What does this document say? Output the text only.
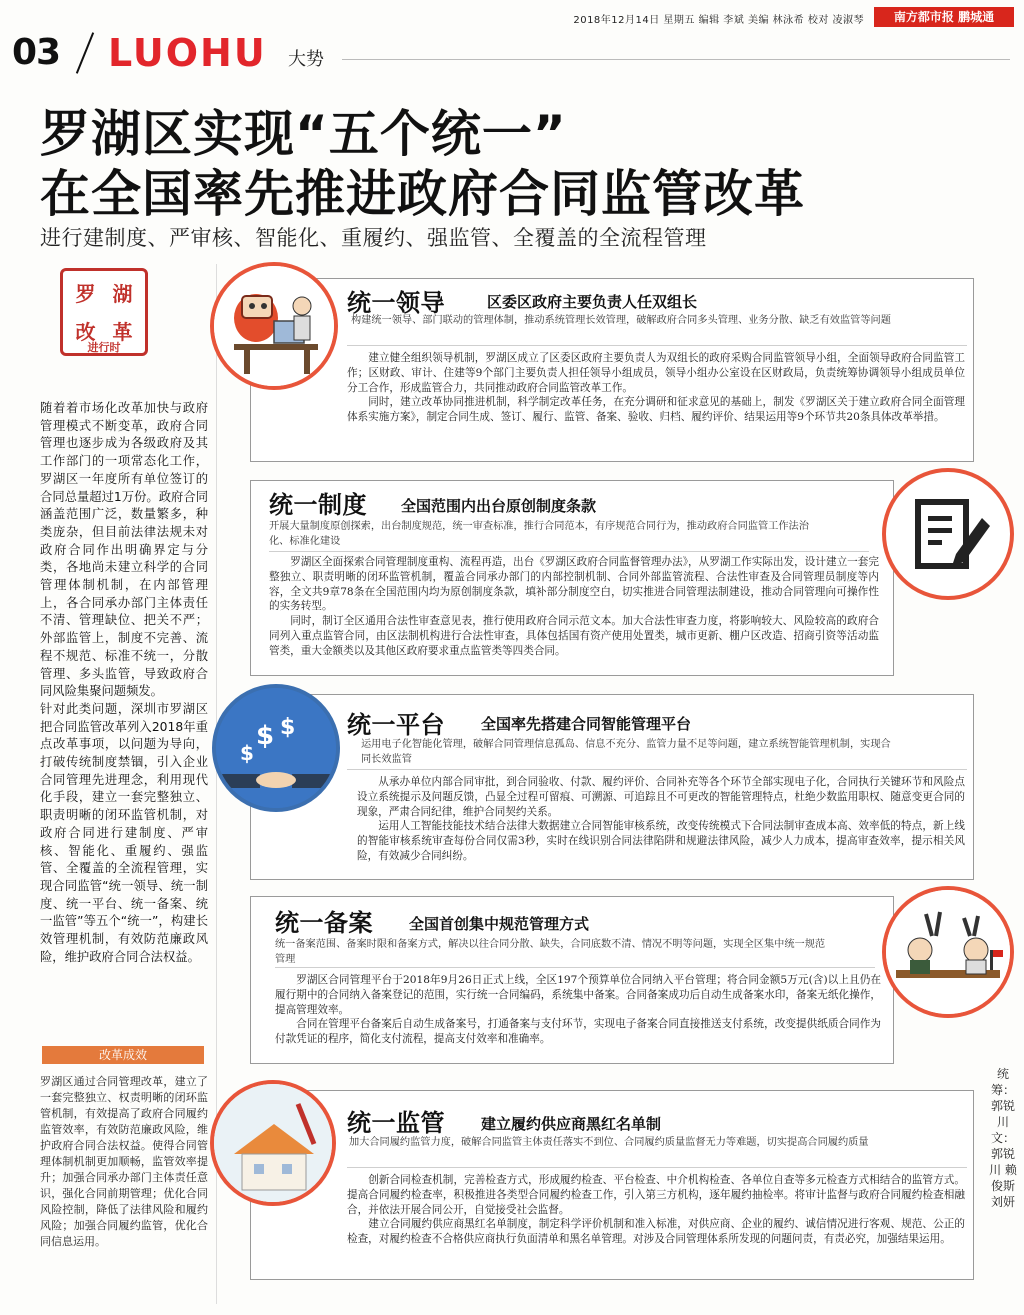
2018年12月14日 星期五 编辑 李斌 美编 林泳希 校对 凌淑琴	南方都市报 鹏城通
03 LUOHU 大势
罗湖区实现“五个统一”
在全国率先推进政府合同监管改革
进行建制度、严审核、智能化、重履约、强监管、全覆盖的全流程管理
罗 湖
改 革
进行时

随着着市场化改革加快与政府管理模式不断变革，政府合同管理也逐步成为各级政府及其工作部门的一项常态化工作，罗湖区一年度所有单位签订的合同总量超过1万份。政府合同涵盖范围广泛，数量繁多，种类庞杂，但目前法律法规未对政府合同作出明确界定与分类，各地尚未建立科学的合同管理体制机制，在内部管理上，各合同承办部门主体责任不清、管理缺位、把关不严；外部监管上，制度不完善、流程不规范、标准不统一，分散管理、多头监管，导致政府合同风险集聚问题频发。

针对此类问题，深圳市罗湖区把合同监管改革列入2018年重点改革事项，以问题为导向，打破传统制度禁锢，引入企业合同管理先进理念，利用现代化手段，建立一套完整独立、职责明晰的闭环监管机制，对政府合同进行建制度、严审核、智能化、重履约、强监管、全覆盖的全流程管理，实现合同监管“统一领导、统一制度、统一平台、统一备案、统一监管”等五个“统一”，构建长效管理机制，有效防范廉政风险，维护政府合同合法权益。

改革成效
罗湖区通过合同管理改革，建立了一套完整独立、权责明晰的闭环监管机制，有效提高了政府合同履约监管效率，有效防范廉政风险，维护政府合同合法权益。使得合同管理体制机制更加顺畅，监管效率提升；加强合同承办部门主体责任意识，强化合同前期管理；优化合同风险控制，降低了法律风险和履约风险；加强合同履约监管，优化合同信息运用。
统一领导	区委区政府主要负责人任双组长
构建统一领导、部门联动的管理体制，推动系统管理长效管理，破解政府合同多头管理、业务分散、缺乏有效监管等问题

建立健全组织领导机制，罗湖区成立了区委区政府主要负责人为双组长的政府采购合同监管领导小组，全面领导政府合同监管工作；区财政、审计、住建等9个部门主要负责人担任领导小组成员，领导小组办公室设在区财政局，负责统筹协调领导小组成员单位分工合作，形成监管合力，共同推动政府合同监管改革工作。

同时，建立改革协同推进机制，科学制定改革任务，在充分调研和征求意见的基础上，制发《罗湖区关于建立政府合同全面管理体系实施方案》，制定合同生成、签订、履行、监管、备案、验收、归档、履约评价、结果运用等9个环节共20条具体改革举措。

统一制度 全国范围内出台原创制度条款
开展大量制度原创探索，出台制度规范，统一审查标准，推行合同范本，有序规范合同行为，推动政府合同监管工作法治化、标准化建设

罗湖区全面探索合同管理制度重构、流程再造，出台《罗湖区政府合同监督管理办法》，从罗湖工作实际出发，设计建立一套完整独立、职责明晰的闭环监管机制，覆盖合同承办部门的内部控制机制、合同外部监管流程、合法性审查及合同管理员制度等内容，全文共9章78条在全国范围内均为原创制度条款，填补部分制度空白，切实推进合同管理法制建设，推动合同管理向可操作性的实务转型。

同时，制订全区通用合法性审查意见表，推行使用政府合同示范文本。加大合法性审查力度，将影响较大、风险较高的政府合同列入重点监管合同，由区法制机构进行合法性审查，具体包括国有资产使用处置类，城市更新、棚户区改造、招商引资等活动监管类，重大金额类以及其他区政府要求重点监管类等四类合同。

统一平台 全国率先搭建合同智能管理平台
运用电子化智能化管理，破解合同管理信息孤岛、信息不充分、监管力量不足等问题，建立系统智能管理机制，实现合同长效监管

从承办单位内部合同审批，到合同验收、付款、履约评价、合同补充等各个环节全部实现电子化，合同执行关键环节和风险点设立系统提示及问题反馈，凸显全过程可留痕、可溯源、可追踪且不可更改的智能管理特点，杜绝少数监用职权、随意变更合同的现象，严肃合同纪律，维护合同契约关系。

运用人工智能技能技术结合法律大数据建立合同智能审核系统，改变传统模式下合同法制审查成本高、效率低的特点，新上线的智能审核系统审查每份合同仅需3秒，实时在线识别合同法律陷阱和规避法律风险，减少人力成本，提高审查效率，提示相关风险，有效减少合同纠纷。

$ $
$
统一备案 全国首创集中规范管理方式
统一备案范围、备案时限和备案方式，解决以往合同分散、缺失，合同底数不清、情况不明等问题，实现全区集中统一规范管理

罗湖区合同管理平台于2018年9月26日正式上线，全区197个预算单位合同纳入平台管理；将合同金额5万元(含)以上且仍在履行期中的合同纳入备案登记的范围，实行统一合同编码，系统集中备案。合同备案成功后自动生成备案水印，备案无纸化操作，提高管理效率。

合同在管理平台备案后自动生成备案号，打通备案与支付环节，实现电子备案合同直接推送支付系统，改变提供纸质合同作为付款凭证的程序，简化支付流程，提高支付效率和准确率。

统一监管 建立履约供应商黑红名单制
加大合同履约监管力度，破解合同监管主体责任落实不到位、合同履约质量监督无力等难题，切实提高合同履约质量

创新合同检查机制，完善检查方式，形成履约检查、平台检查、中介机构检查、各单位自查等多元检查方式相结合的监管方式。提高合同履约检查率，积极推进各类型合同履约检查工作，引入第三方机构，逐年履约抽检率。将审计监督与政府合同履约检查相融合，并依法开展合同公开，自觉接受社会监督。

建立合同履约供应商黑红名单制度，制定科学评价机制和准入标准，对供应商、企业的履约、诚信情况进行客观、规范、公正的检查，对履约检查不合格供应商执行负面清单和黑名单管理。对涉及合同管理体系所发现的问题问责，有责必究，加强结果运用。

统筹：郭锐川 文：郭锐川 赖俊斯 刘妍
